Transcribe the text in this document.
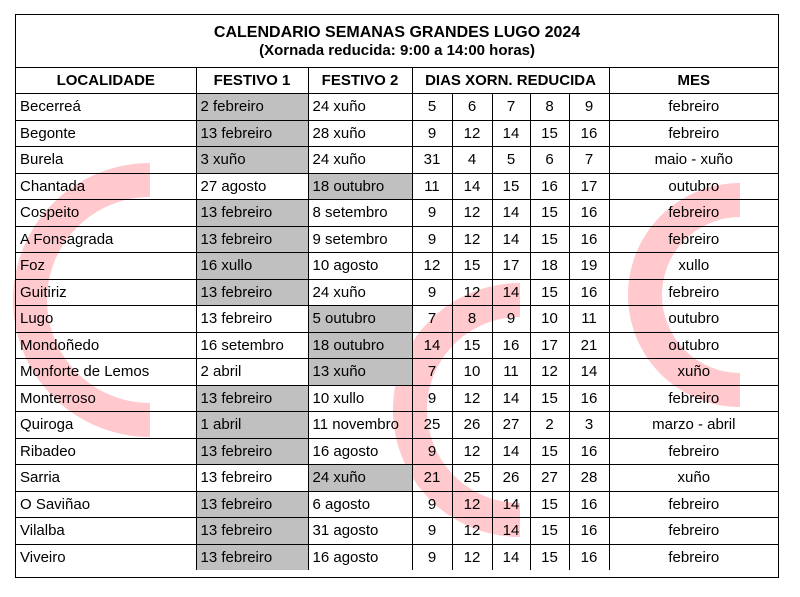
CALENDARIO SEMANAS GRANDES LUGO 2024
(Xornada reducida: 9:00 a 14:00 horas)								

LOCALIDADE	FESTIVO 1	FESTIVO 2	DIAS XORN. REDUCIDA					MES
Becerreá	2 febreiro	24 xuño	5	6	7	8	9	febreiro
Begonte	13 febreiro	28 xuño	9	12	14	15	16	febreiro
Burela	3 xuño	24 xuño	31	4	5	6	7	maio - xuño
Chantada	27 agosto	18 outubro	11	14	15	16	17	outubro
Cospeito	13 febreiro	8 setembro	9	12	14	15	16	febreiro
A Fonsagrada	13 febreiro	9 setembro	9	12	14	15	16	febreiro
Foz	16 xullo	10 agosto	12	15	17	18	19	xullo
Guitiriz	13 febreiro	24 xuño	9	12	14	15	16	febreiro
Lugo	13 febreiro	5 outubro	7	8	9	10	11	outubro
Mondoñedo	16 setembro	18 outubro	14	15	16	17	21	outubro
Monforte de Lemos	2 abril	13 xuño	7	10	11	12	14	xuño
Monterroso	13 febreiro	10 xullo	9	12	14	15	16	febreiro
Quiroga	1 abril	11 novembro	25	26	27	2	3	marzo - abril
Ribadeo	13 febreiro	16 agosto	9	12	14	15	16	febreiro
Sarria	13 febreiro	24 xuño	21	25	26	27	28	xuño
O Saviñao	13 febreiro	6 agosto	9	12	14	15	16	febreiro
Vilalba	13 febreiro	31 agosto	9	12	14	15	16	febreiro
Viveiro	13 febreiro	16 agosto	9	12	14	15	16	febreiro
